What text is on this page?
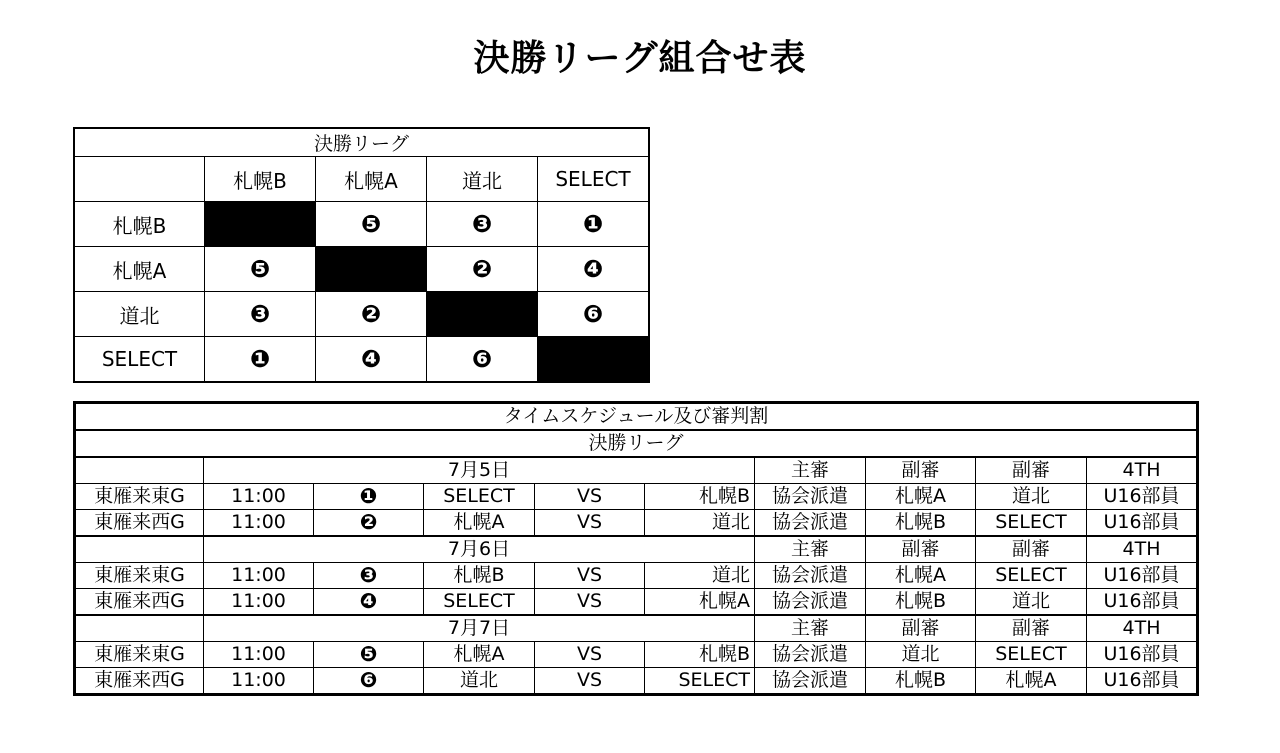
決勝リーグ組合せ表
決勝リーグ				
	札幌B	札幌A	道北	SELECT
札幌B		❺	❸	❶
札幌A	❺		❷	❹
道北	❸	❷		❻
SELECT	❶	❹	❻	
タイムスケジュール及び審判割									
決勝リーグ									
	7月5日					主審	副審	副審	4TH
東雁来東G	11:00	❶	SELECT	VS	札幌B	協会派遣	札幌A	道北	U16部員
東雁来西G	11:00	❷	札幌A	VS	道北	協会派遣	札幌B	SELECT	U16部員
	7月6日					主審	副審	副審	4TH
東雁来東G	11:00	❸	札幌B	VS	道北	協会派遣	札幌A	SELECT	U16部員
東雁来西G	11:00	❹	SELECT	VS	札幌A	協会派遣	札幌B	道北	U16部員
	7月7日					主審	副審	副審	4TH
東雁来東G	11:00	❺	札幌A	VS	札幌B	協会派遣	道北	SELECT	U16部員
東雁来西G	11:00	❻	道北	VS	SELECT	協会派遣	札幌B	札幌A	U16部員
